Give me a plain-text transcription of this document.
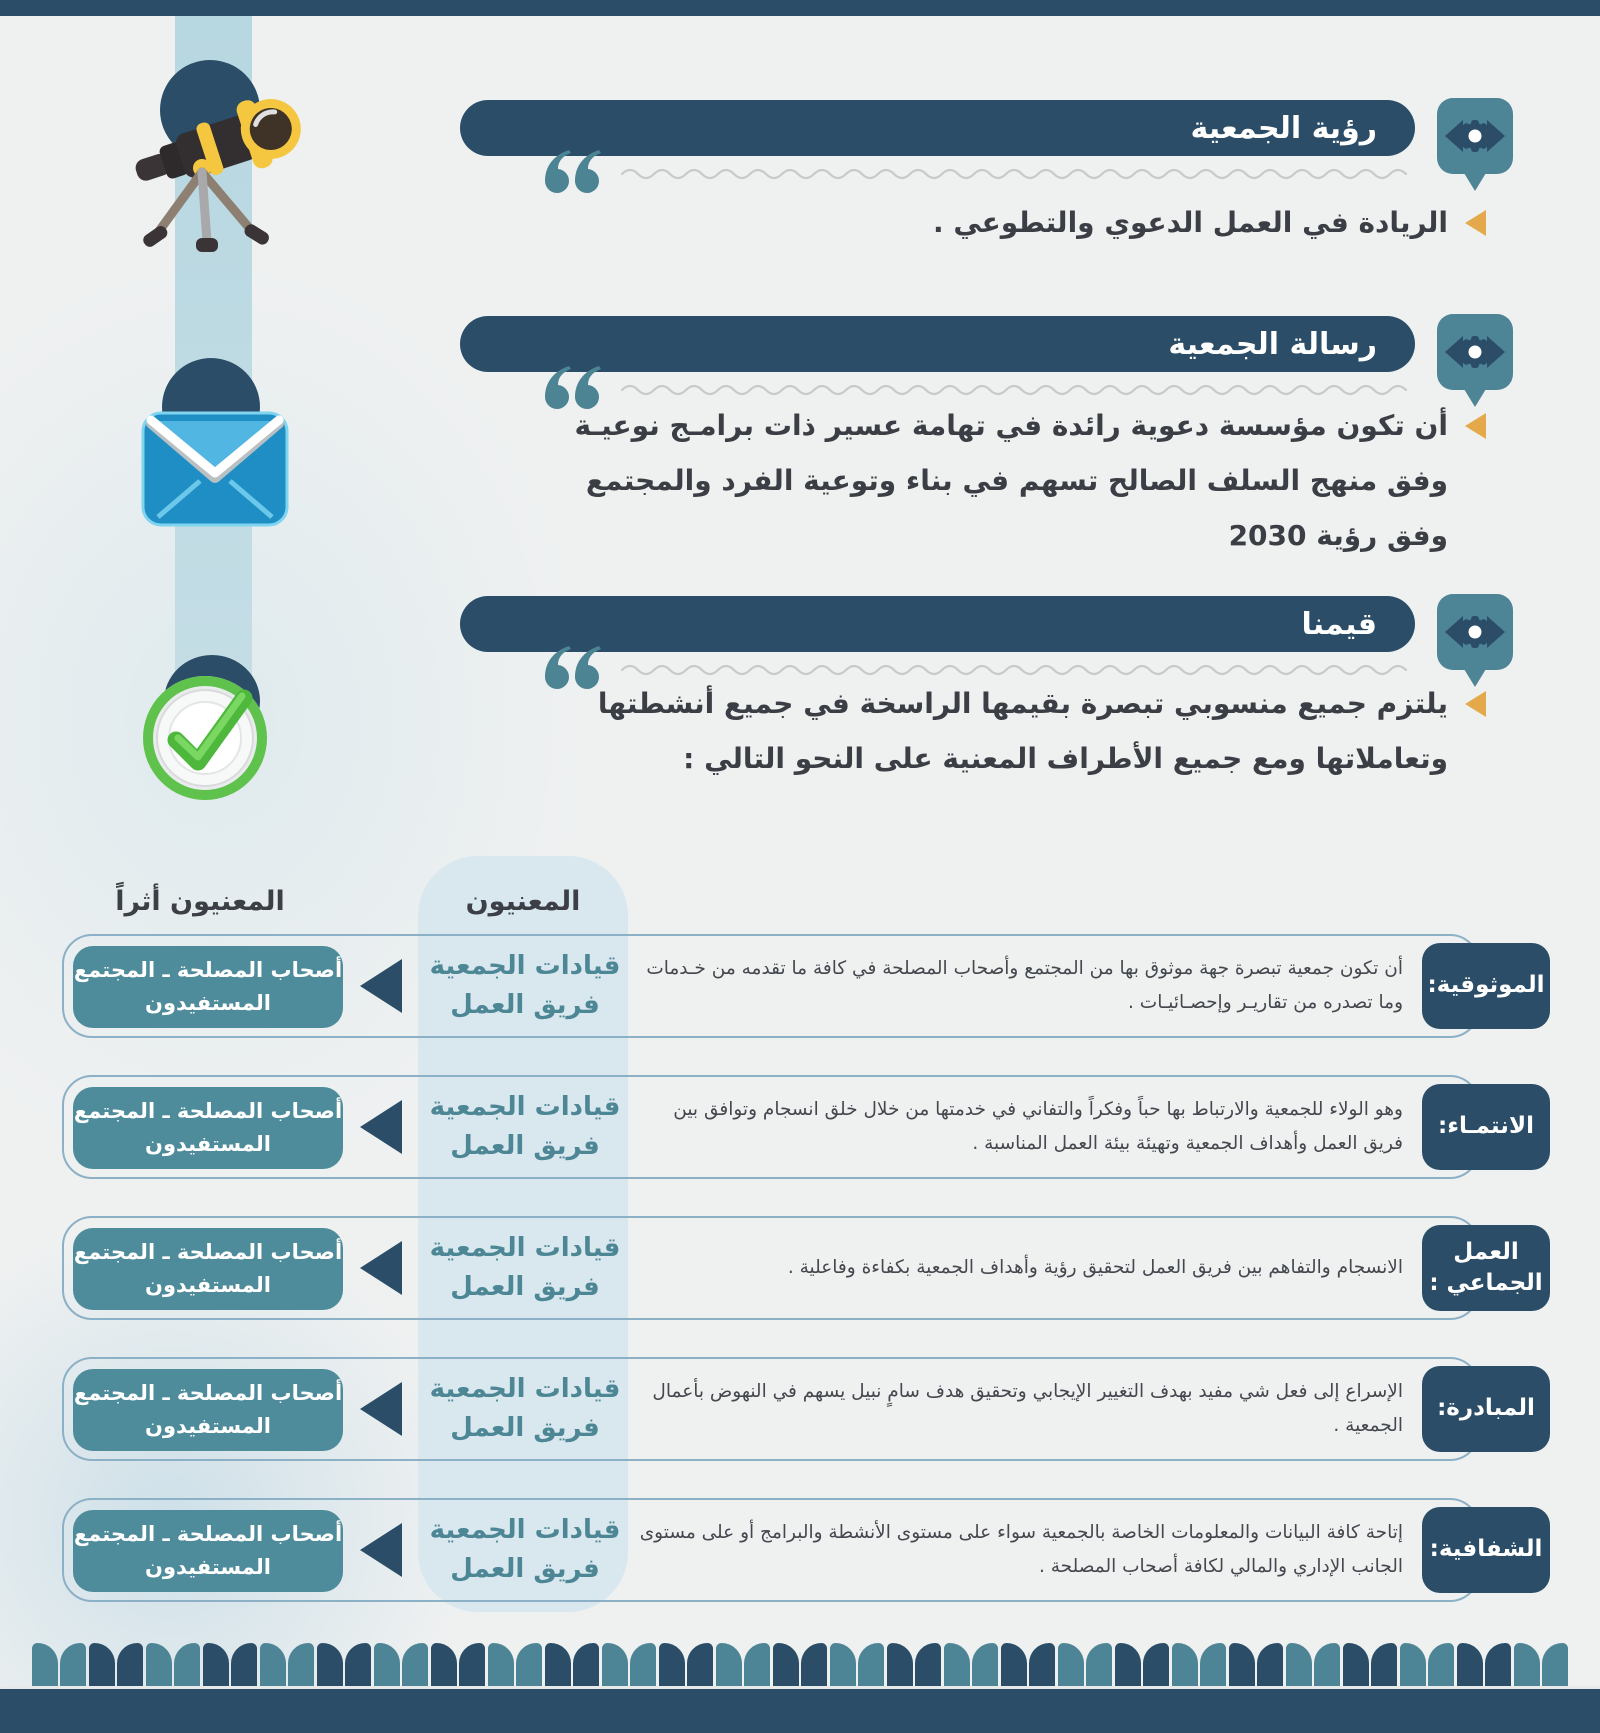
رؤية الجمعية
الريادة في العمل الدعوي والتطوعي .
رسالة الجمعية
أن تكون مؤسسة دعوية رائدة في تهامة عسير ذات برامـج نوعيـة
وفق منهج السلف الصالح تسهم في بناء وتوعية الفرد والمجتمع
وفق رؤية 2030
قيمنا
يلتزم جميع منسوبي تبصرة بقيمها الراسخة في جميع أنشطتها
وتعاملاتها ومع جميع الأطراف المعنية على النحو التالي :
المعنيون
المعنيون أثراً
الموثوقية:

أن تكون جمعية تبصرة جهة موثوق بها من المجتمع وأصحاب المصلحة في كافة ما تقدمه من خـدمات وما تصدره من تقاريـر وإحصـائيـات .

قيادات الجمعية
فريق العمل
أصحاب المصلحة ـ المجتمع
المستفيدون
الانتمـاء:

وهو الولاء للجمعية والارتباط بها حباً وفكراً والتفاني في خدمتها من خلال خلق انسجام وتوافق بين فريق العمل وأهداف الجمعية وتهيئة بيئة العمل المناسبة .

قيادات الجمعية
فريق العمل
أصحاب المصلحة ـ المجتمع
المستفيدون
العمل الجماعي :

الانسجام والتفاهم بين فريق العمل لتحقيق رؤية وأهداف الجمعية بكفاءة وفاعلية .

قيادات الجمعية
فريق العمل
أصحاب المصلحة ـ المجتمع
المستفيدون
المبادرة:

الإسراع إلى فعل شي مفيد بهدف التغيير الإيجابي وتحقيق هدف سامٍ نبيل يسهم في النهوض بأعمال الجمعية .

قيادات الجمعية
فريق العمل
أصحاب المصلحة ـ المجتمع
المستفيدون
الشفافية:

إتاحة كافة البيانات والمعلومات الخاصة بالجمعية سواء على مستوى الأنشطة والبرامج أو على مستوى الجانب الإداري والمالي لكافة أصحاب المصلحة .

قيادات الجمعية
فريق العمل
أصحاب المصلحة ـ المجتمع
المستفيدون
